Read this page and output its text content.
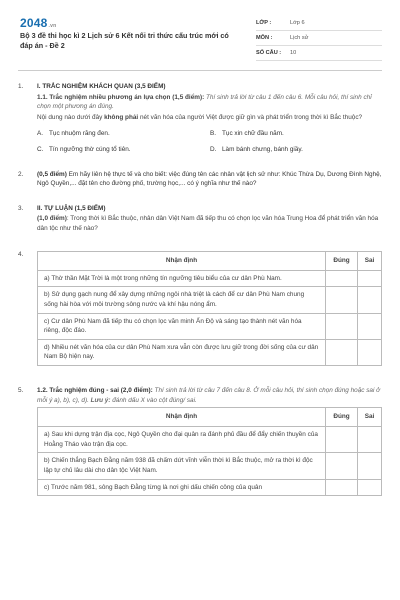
2048.vn
Bộ 3 đề thi học kì 2 Lịch sử 6 Kết nối tri thức cấu trúc mới có đáp án - Đề 2
LỚP :	Lớp 6
MÔN :	Lịch sử
SỐ CÂU :	10
1.	I. TRẮC NGHIỆM KHÁCH QUAN (3,5 ĐIỂM)
1.1. Trắc nghiệm nhiều phương án lựa chọn (1,5 điểm): Thí sinh trả lời từ câu 1 đến câu 6. Mỗi câu hỏi, thí sinh chỉ chọn một phương án đúng.
Nội dung nào dưới đây không phải nét văn hóa của người Việt được giữ gìn và phát triển trong thời kì Bắc thuộc?
A. Tục nhuộm răng đen.	B. Tục xin chữ đầu năm.
C. Tín ngưỡng thờ cúng tổ tiên.	D. Làm bánh chưng, bánh giầy.
2.	(0,5 điểm) Em hãy liên hệ thực tế và cho biết: việc đúng tên các nhân vật lịch sử như: Khúc Thừa Dụ, Dương Đình Nghệ, Ngô Quyền,... đặt tên cho đường phố, trường học,... có ý nghĩa như thế nào?
3.	II. TỰ LUẬN (1,5 ĐIỂM)
(1,0 điểm): Trong thời kì Bắc thuộc, nhân dân Việt Nam đã tiếp thu có chọn lọc văn hóa Trung Hoa để phát triển văn hóa dân tộc như thế nào?
4.
Nhận định	Đúng	Sai
a) Thờ thần Mặt Trời là một trong những tín ngưỡng tiêu biểu của cư dân Phù Nam.		
b) Sử dụng gạch nung để xây dựng những ngôi nhà triệt là cách để cư dân Phù Nam chung sống hài hòa với môi trường sông nước và khí hậu nóng ẩm.		
c) Cư dân Phù Nam đã tiếp thu có chọn lọc văn minh Ấn Độ và sáng tạo thành nét văn hóa riêng, độc đáo.		
d) Nhiều nét văn hóa của cư dân Phù Nam xưa vẫn còn được lưu giữ trong đời sống của cư dân Nam Bộ hiện nay.		
5.	1.2. Trắc nghiệm đúng - sai (2,0 điểm): Thí sinh trả lời từ câu 7 đến câu 8. Ở mỗi câu hỏi, thí sinh chọn đúng hoặc sai ở mỗi ý a), b), c), d). Lưu ý: đánh dấu X vào cột đúng/ sai.
Nhận định	Đúng	Sai
a) Sau khi dựng trận địa cọc, Ngô Quyền cho đại quân ra đánh phủ đầu để đẩy chiến thuyền của Hoằng Tháo vào trận địa cọc.		
b) Chiến thắng Bạch Đằng năm 938 đã chấm dứt vĩnh viễn thời kì Bắc thuộc, mở ra thời kì độc lập tự chủ lâu dài cho dân tộc Việt Nam.		
c) Trước năm 981, sông Bạch Đằng từng là nơi ghi dấu chiến công của quân		
